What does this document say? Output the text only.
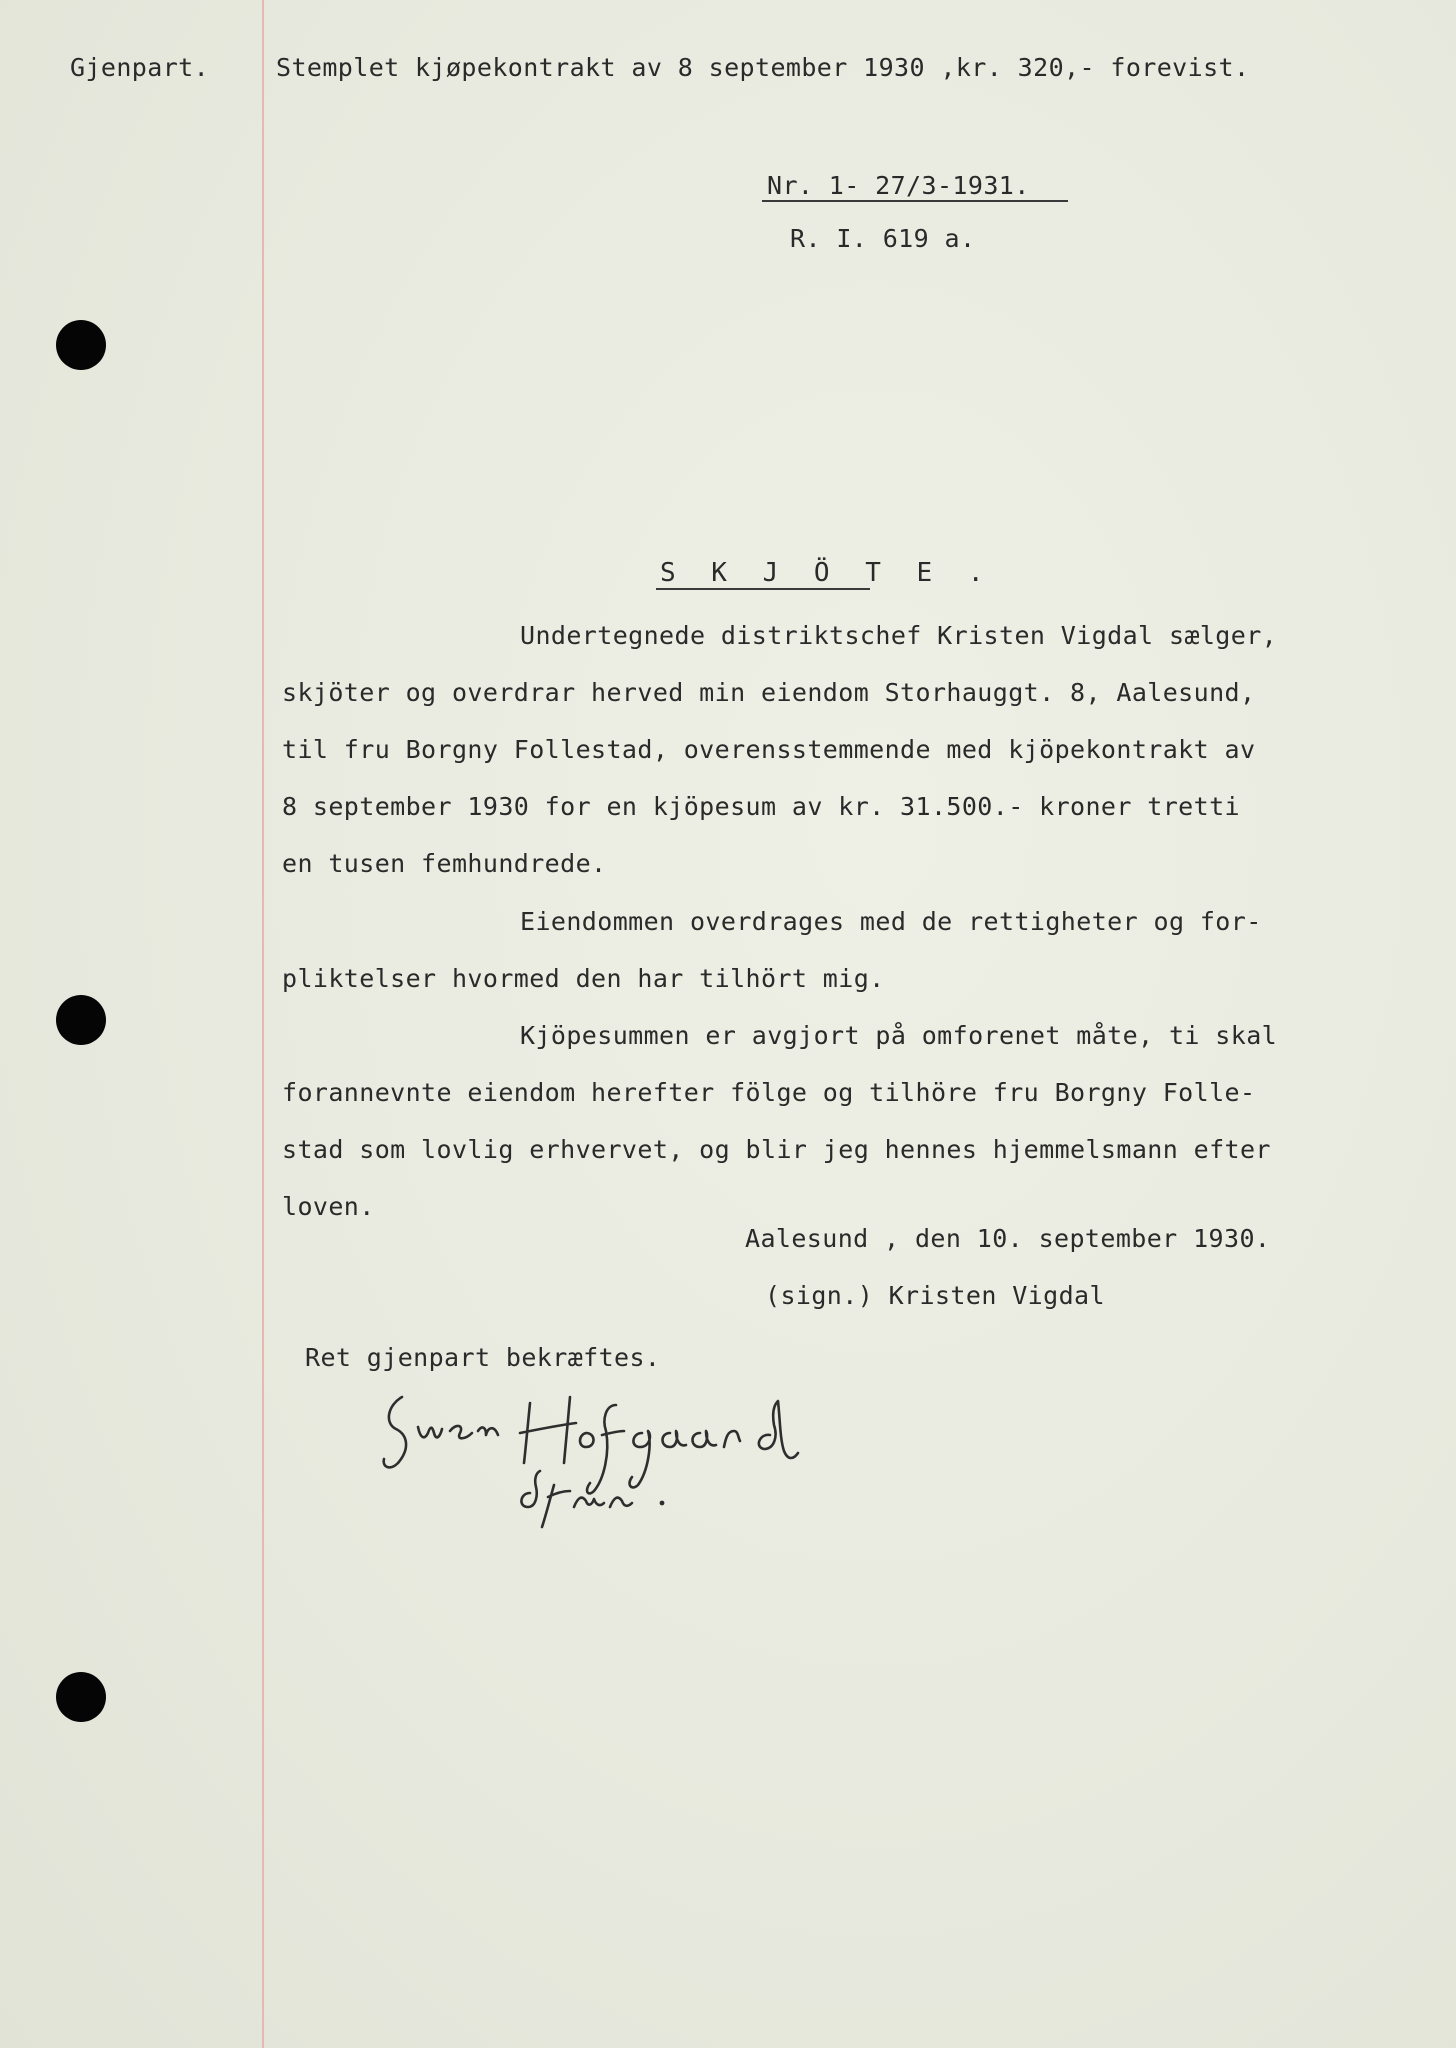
Gjenpart.	Stemplet kjøpekontrakt av 8 september 1930 ,kr. 320,- forevist.
Nr. 1- 27/3-1931.
R. I. 619 a.
S K J Ö T E .
Undertegnede distriktschef Kristen Vigdal sælger,
skjöter og overdrar herved min eiendom Storhauggt. 8, Aalesund,
til fru Borgny Follestad, overensstemmende med kjöpekontrakt av
8 september 1930 for en kjöpesum av kr. 31.500.- kroner tretti
en tusen femhundrede.
Eiendommen overdrages med de rettigheter og for-
pliktelser hvormed den har tilhört mig.
Kjöpesummen er avgjort på omforenet måte, ti skal
forannevnte eiendom herefter fölge og tilhöre fru Borgny Folle-
stad som lovlig erhvervet, og blir jeg hennes hjemmelsmann efter
loven.
Aalesund , den 10. september 1930.
(sign.) Kristen Vigdal
Ret gjenpart bekræftes.
